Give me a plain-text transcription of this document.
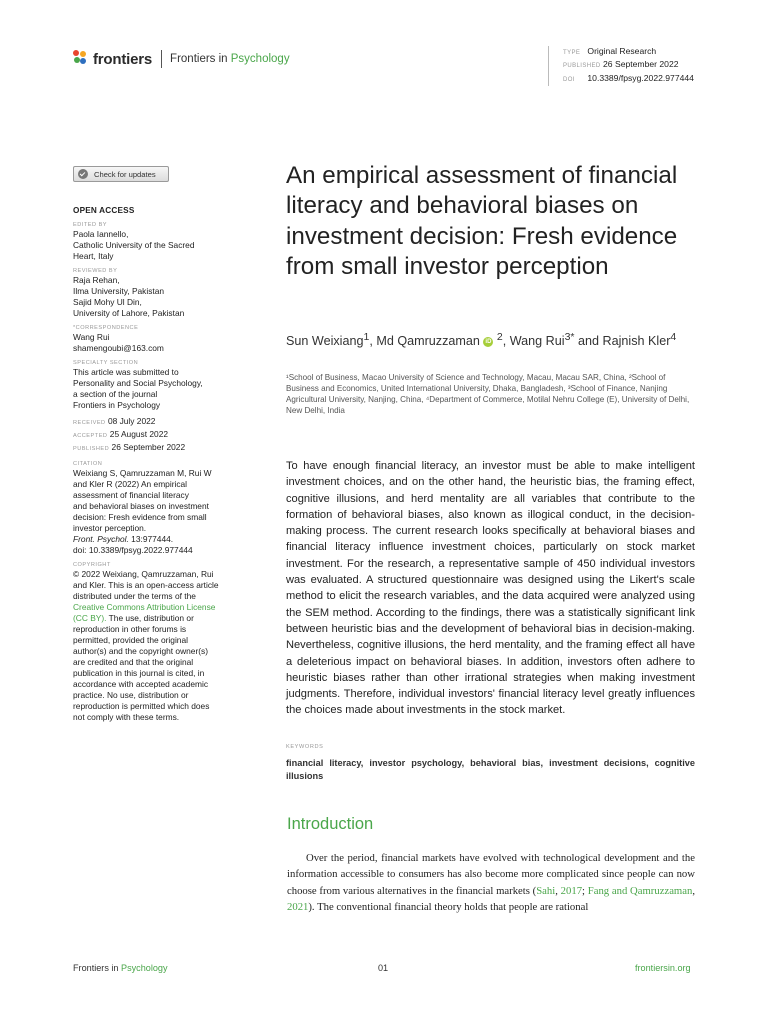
frontiers Frontiers in Psychology	TYPE Original Research
PUBLISHED 26 September 2022
DOI 10.3389/fpsyg.2022.977444
Check for updates
OPEN ACCESS
EDITED BY
Paola Iannello,
Catholic University of the Sacred
Heart, Italy
REVIEWED BY
Raja Rehan,
Ilma University, Pakistan
Sajid Mohy Ul Din,
University of Lahore, Pakistan
*CORRESPONDENCE
Wang Rui
shamengoubi@163.com
SPECIALTY SECTION
This article was submitted to
Personality and Social Psychology,
a section of the journal
Frontiers in Psychology
RECEIVED 08 July 2022
ACCEPTED 25 August 2022
PUBLISHED 26 September 2022
CITATION
Weixiang S, Qamruzzaman M, Rui W
and Kler R (2022) An empirical
assessment of financial literacy
and behavioral biases on investment
decision: Fresh evidence from small
investor perception.
Front. Psychol. 13:977444.
doi: 10.3389/fpsyg.2022.977444
COPYRIGHT
© 2022 Weixiang, Qamruzzaman, Rui
and Kler. This is an open-access article
distributed under the terms of the
Creative Commons Attribution License
(CC BY). The use, distribution or
reproduction in other forums is
permitted, provided the original
author(s) and the copyright owner(s)
are credited and that the original
publication in this journal is cited, in
accordance with accepted academic
practice. No use, distribution or
reproduction is permitted which does
not comply with these terms.
An empirical assessment of financial literacy and behavioral biases on investment decision: Fresh evidence from small investor perception
Sun Weixiang$^1$, Md Qamruzzaman iD $^2$, Wang Rui$^{3*}$ and Rajnish Kler$^4$
¹School of Business, Macao University of Science and Technology, Macau, Macau SAR, China, ²School of Business and Economics, United International University, Dhaka, Bangladesh, ³School of Finance, Nanjing Agricultural University, Nanjing, China, ⁴Department of Commerce, Motilal Nehru College (E), University of Delhi, New Delhi, India

To have enough financial literacy, an investor must be able to make intelligent investment choices, and on the other hand, the heuristic bias, the framing effect, cognitive illusions, and herd mentality are all variables that contribute to the formation of behavioral biases, also known as illogical conduct, in the decision-making process. The current research looks specifically at behavioral biases and financial literacy influence investment choices, particularly on stock market investment. For the research, a representative sample of 450 individual investors was evaluated. A structured questionnaire was designed using the Likert's scale method to elicit the research variables, and the data acquired were analyzed using the SEM method. According to the findings, there was a statistically significant link between heuristic bias and the development of behavioral bias in decision-making. Nevertheless, cognitive illusions, the herd mentality, and the framing effect all have a deleterious impact on behavioral biases. In addition, investors often adhere to heuristic biases rather than other irrational strategies when making investment judgments. Therefore, individual investors' financial literacy level greatly influences the choices made about investments in the stock market.

KEYWORDS
financial literacy, investor psychology, behavioral bias, investment decisions, cognitive illusions
Introduction

Over the period, financial markets have evolved with technological development and the information accessible to consumers has also become more complicated since people can now choose from various alternatives in the financial markets (Sahi, 2017; Fang and Qamruzzaman, 2021). The conventional financial theory holds that people are rational

Frontiers in Psychology	01	frontiersin.org
